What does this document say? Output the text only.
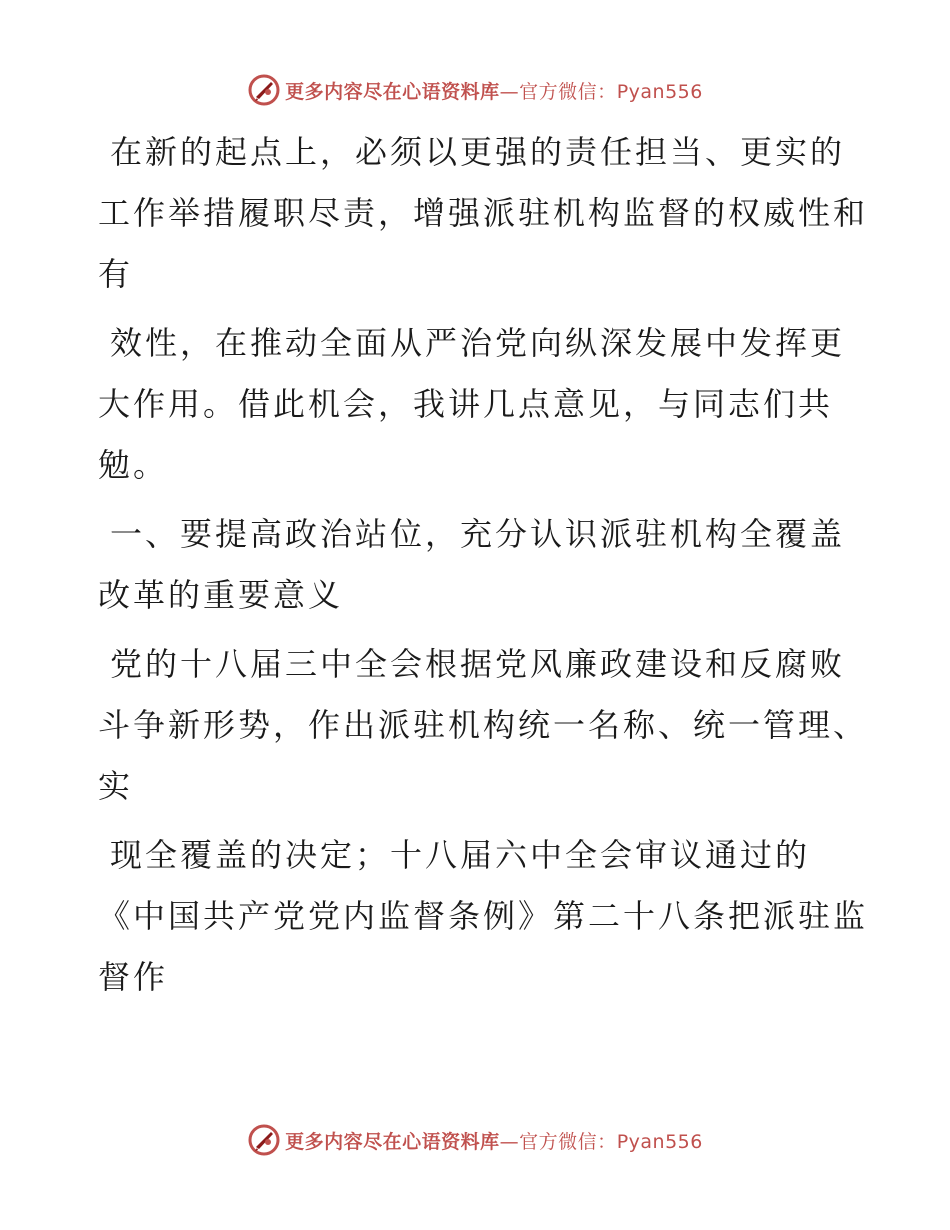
更多内容尽在心语资料库—官方微信：Pyan556

在新的起点上，必须以更强的责任担当、更实的
工作举措履职尽责，增强派驻机构监督的权威性和
有

效性，在推动全面从严治党向纵深发展中发挥更
大作用。借此机会，我讲几点意见，与同志们共
勉。

一、要提高政治站位，充分认识派驻机构全覆盖
改革的重要意义

党的十八届三中全会根据党风廉政建设和反腐败
斗争新形势，作出派驻机构统一名称、统一管理、
实

现全覆盖的决定；十八届六中全会审议通过的
《中国共产党党内监督条例》第二十八条把派驻监
督作

更多内容尽在心语资料库—官方微信：Pyan556
